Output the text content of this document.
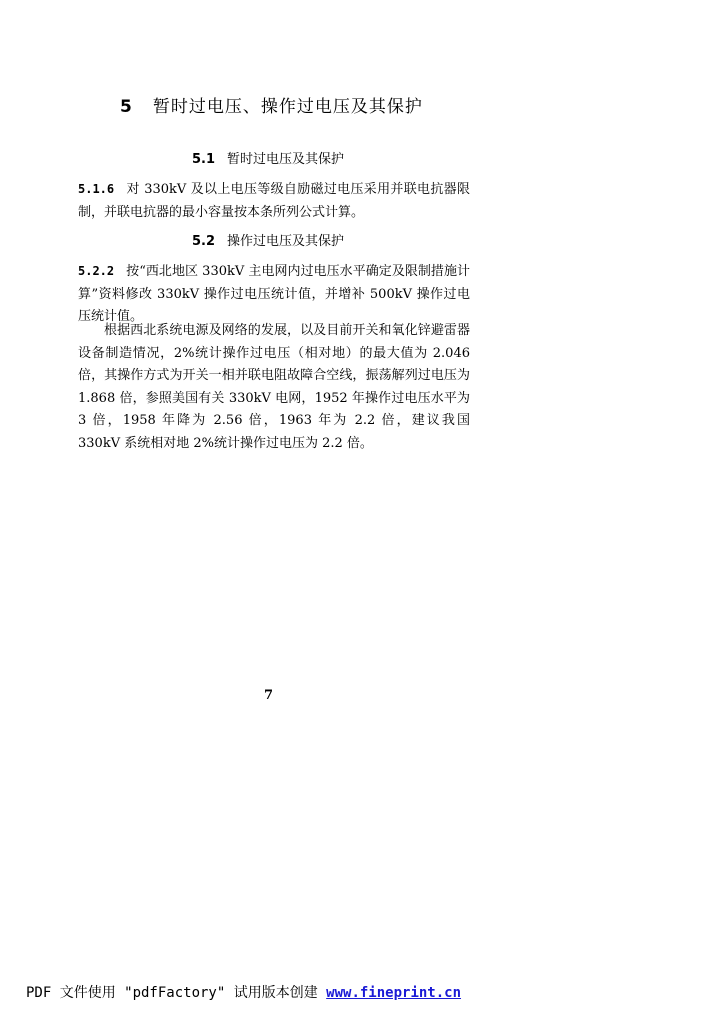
5 暂时过电压、操作过电压及其保护
5.1 暂时过电压及其保护
5.1.6 对 330kV 及以上电压等级自励磁过电压采用并联电抗器限制，并联电抗器的最小容量按本条所列公式计算。
5.2 操作过电压及其保护
5.2.2 按“西北地区 330kV 主电网内过电压水平确定及限制措施计算”资料修改 330kV 操作过电压统计值，并增补 500kV 操作过电压统计值。
根据西北系统电源及网络的发展，以及目前开关和氧化锌避雷器设备制造情况，2%统计操作过电压（相对地）的最大值为 2.046 倍，其操作方式为开关一相并联电阻故障合空线，振荡解列过电压为 1.868 倍，参照美国有关 330kV 电网，1952 年操作过电压水平为 3 倍，1958 年降为 2.56 倍，1963 年为 2.2 倍，建议我国 330kV 系统相对地 2%统计操作过电压为 2.2 倍。
7
PDF 文件使用 "pdfFactory" 试用版本创建 www.fineprint.cn
